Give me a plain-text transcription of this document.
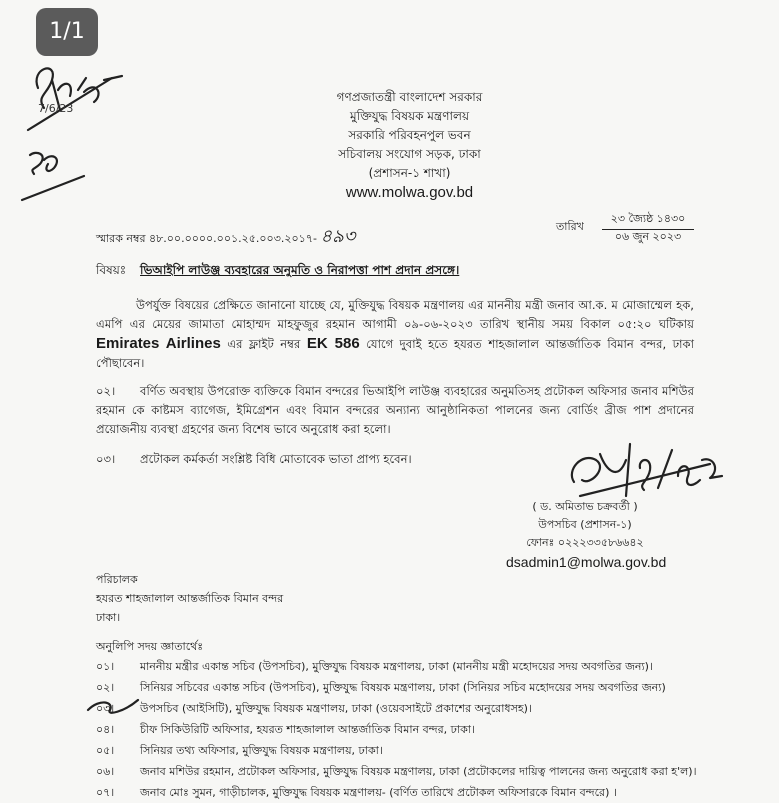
1/1
7/6/23
PO
গণপ্রজাতন্ত্রী বাংলাদেশ সরকার
মুক্তিযুদ্ধ বিষয়ক মন্ত্রণালয়
সরকারি পরিবহনপুল ভবন
সচিবালয় সংযোগ সড়ক, ঢাকা
(প্রশাসন-১ শাখা)
www.molwa.gov.bd
স্মারক নম্বর ৪৮.০০.০০০০.০০১.২৫.০০৩.২০১৭- ৪৯৩	তারিখ
২৩ জ্যৈষ্ঠ ১৪৩০
০৬ জুন ২০২৩
বিষয়ঃ ভিআইপি লাউঞ্জ ব্যবহারের অনুমতি ও নিরাপত্তা পাশ প্রদান প্রসঙ্গে।
উপর্যুক্ত বিষয়ের প্রেক্ষিতে জানানো যাচ্ছে যে, মুক্তিযুদ্ধ বিষয়ক মন্ত্রণালয় এর মাননীয় মন্ত্রী জনাব আ.ক. ম মোজাম্মেল হক, এমপি এর মেয়ের জামাতা মোহাম্মদ মাহফুজুর রহমান আগামী ০৯-০৬-২০২৩ তারিখ স্থানীয় সময় বিকাল ০৫:২০ ঘটিকায় Emirates Airlines এর ফ্লাইট নম্বর EK 586 যোগে দুবাই হতে হযরত শাহজালাল আন্তর্জাতিক বিমান বন্দর, ঢাকা পৌছাবেন।
০২। বর্ণিত অবস্থায় উপরোক্ত ব্যক্তিকে বিমান বন্দরের ভিআইপি লাউঞ্জ ব্যবহারের অনুমতিসহ প্রটোকল অফিসার জনাব মশিউর রহমান কে কাষ্টমস ব্যাগেজ, ইমিগ্রেশন এবং বিমান বন্দরের অন্যান্য আনুষ্ঠানিকতা পালনের জন্য বোর্ডিং ব্রীজ পাশ প্রদানের প্রয়োজনীয় ব্যবস্থা গ্রহণের জন্য বিশেষ ভাবে অনুরোধ করা হলো।
০৩। প্রটোকল কর্মকর্তা সংশ্লিষ্ট বিধি মোতাবেক ভাতা প্রাপ্য হবেন।	6/6/2023
( ড. অমিতাভ চক্রবর্তী )
উপসচিব (প্রশাসন-১)
ফোনঃ ০২২২৩৩৫৮৬৬৪২
dsadmin1@molwa.gov.bd
পরিচালক
হযরত শাহজালাল আন্তর্জাতিক বিমান বন্দর
ঢাকা।
অনুলিপি সদয় জ্ঞাতার্থেঃ
০১। মাননীয় মন্ত্রীর একান্ত সচিব (উপসচিব), মুক্তিযুদ্ধ বিষয়ক মন্ত্রণালয়, ঢাকা (মাননীয় মন্ত্রী মহোদয়ের সদয় অবগতির জন্য)।
০২। সিনিয়র সচিবের একান্ত সচিব (উপসচিব), মুক্তিযুদ্ধ বিষয়ক মন্ত্রণালয়, ঢাকা (সিনিয়র সচিব মহোদয়ের সদয় অবগতির জন্য)
০৩। উপসচিব (আইসিটি), মুক্তিযুদ্ধ বিষয়ক মন্ত্রণালয়, ঢাকা (ওয়েবসাইটে প্রকাশের অনুরোধসহ)।
০৪। চীফ সিকিউরিটি অফিসার, হযরত শাহজালাল আন্তর্জাতিক বিমান বন্দর, ঢাকা।
০৫। সিনিয়র তথ্য অফিসার, মুক্তিযুদ্ধ বিষয়ক মন্ত্রণালয়, ঢাকা।
০৬। জনাব মশিউর রহমান, প্রটোকল অফিসার, মুক্তিযুদ্ধ বিষয়ক মন্ত্রণালয়, ঢাকা (প্রটোকলের দায়িত্ব পালনের জন্য অনুরোধ করা হ'ল)।
০৭। জনাব মোঃ সুমন, গাড়ীচালক, মুক্তিযুদ্ধ বিষয়ক মন্ত্রণালয়- (বর্ণিত তারিখে প্রটোকল অফিসারকে বিমান বন্দরে) ।
